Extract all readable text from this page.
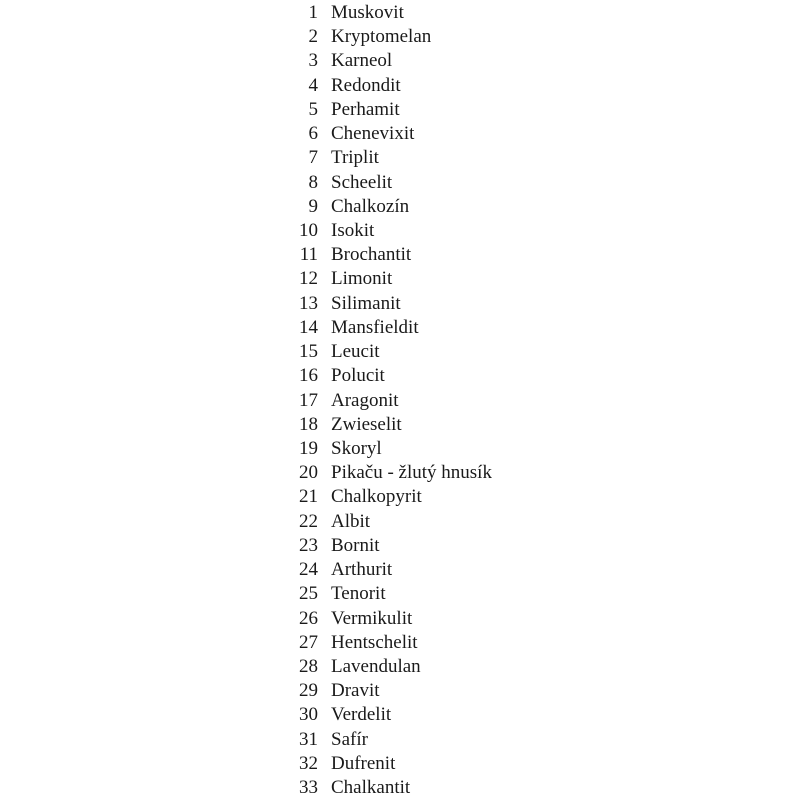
1 Muskovit
2 Kryptomelan
3 Karneol
4 Redondit
5 Perhamit
6 Chenevixit
7 Triplit
8 Scheelit
9 Chalkozín
10 Isokit
11 Brochantit
12 Limonit
13 Silimanit
14 Mansfieldit
15 Leucit
16 Polucit
17 Aragonit
18 Zwieselit
19 Skoryl
20 Pikaču - žlutý hnusík
21 Chalkopyrit
22 Albit
23 Bornit
24 Arthurit
25 Tenorit
26 Vermikulit
27 Hentschelit
28 Lavendulan
29 Dravit
30 Verdelit
31 Safír
32 Dufrenit
33 Chalkantit
